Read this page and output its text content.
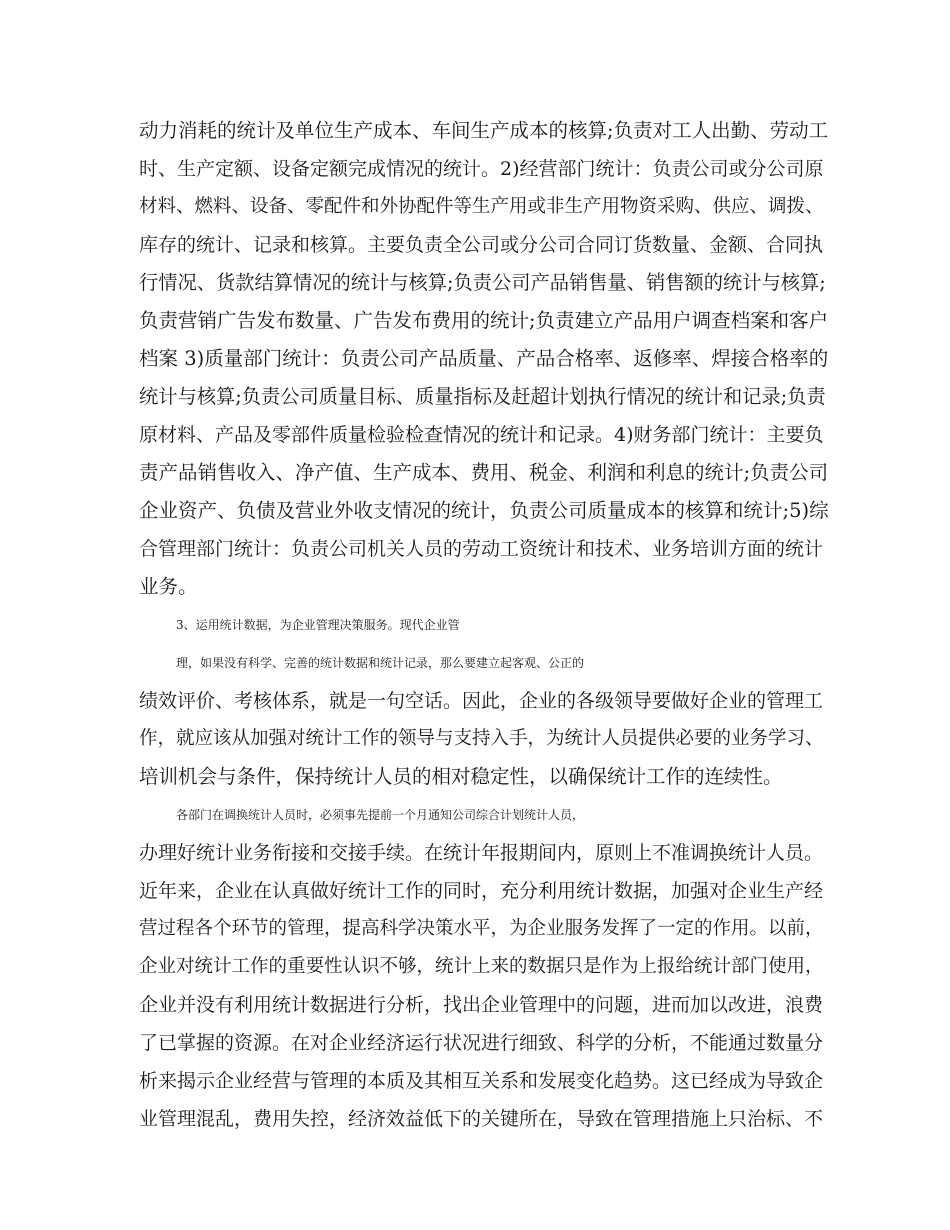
动力消耗的统计及单位生产成本、车间生产成本的核算;负责对工人出勤、劳动工
时、生产定额、设备定额完成情况的统计。2)经营部门统计：负责公司或分公司原
材料、燃料、设备、零配件和外协配件等生产用或非生产用物资采购、供应、调拨、
库存的统计、记录和核算。主要负责全公司或分公司合同订货数量、金额、合同执
行情况、货款结算情况的统计与核算;负责公司产品销售量、销售额的统计与核算;
负责营销广告发布数量、广告发布费用的统计;负责建立产品用户调查档案和客户
档案 3)质量部门统计：负责公司产品质量、产品合格率、返修率、焊接合格率的
统计与核算;负责公司质量目标、质量指标及赶超计划执行情况的统计和记录;负责
原材料、产品及零部件质量检验检查情况的统计和记录。4)财务部门统计：主要负
责产品销售收入、净产值、生产成本、费用、税金、利润和利息的统计;负责公司
企业资产、负债及营业外收支情况的统计，负责公司质量成本的核算和统计;5)综
合管理部门统计：负责公司机关人员的劳动工资统计和技术、业务培训方面的统计
业务。
3、运用统计数据，为企业管理决策服务。现代企业管
理，如果没有科学、完善的统计数据和统计记录，那么要建立起客观、公正的
绩效评价、考核体系，就是一句空话。因此，企业的各级领导要做好企业的管理工
作，就应该从加强对统计工作的领导与支持入手，为统计人员提供必要的业务学习、
培训机会与条件，保持统计人员的相对稳定性，以确保统计工作的连续性。
各部门在调换统计人员时，必须事先提前一个月通知公司综合计划统计人员，
办理好统计业务衔接和交接手续。在统计年报期间内，原则上不准调换统计人员。
近年来，企业在认真做好统计工作的同时，充分利用统计数据，加强对企业生产经
营过程各个环节的管理，提高科学决策水平，为企业服务发挥了一定的作用。以前，
企业对统计工作的重要性认识不够，统计上来的数据只是作为上报给统计部门使用，
企业并没有利用统计数据进行分析，找出企业管理中的问题，进而加以改进，浪费
了已掌握的资源。在对企业经济运行状况进行细致、科学的分析，不能通过数量分
析来揭示企业经营与管理的本质及其相互关系和发展变化趋势。这已经成为导致企
业管理混乱，费用失控，经济效益低下的关键所在，导致在管理措施上只治标、不
